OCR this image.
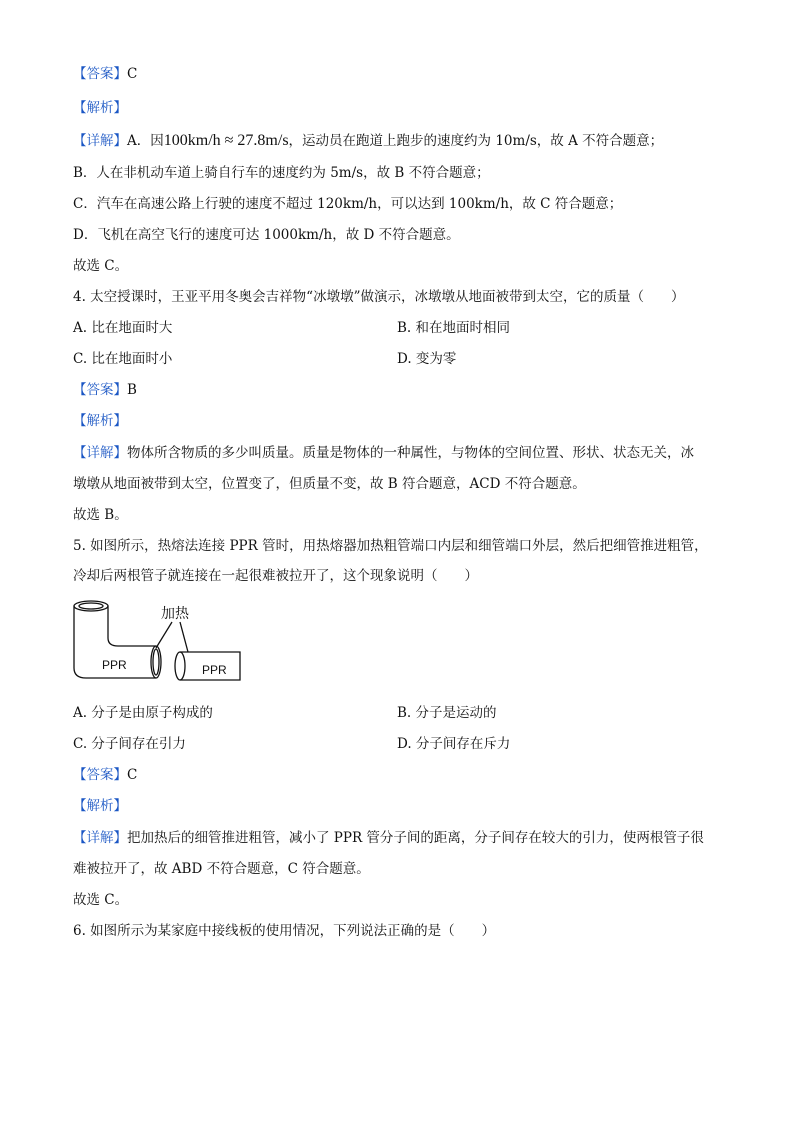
【答案】C
【解析】
【详解】A．因100km/h ≈ 27.8m/s，运动员在跑道上跑步的速度约为 10m/s，故 A 不符合题意；
B．人在非机动车道上骑自行车的速度约为 5m/s，故 B 不符合题意；
C．汽车在高速公路上行驶的速度不超过 120km/h，可以达到 100km/h，故 C 符合题意；
D．飞机在高空飞行的速度可达 1000km/h，故 D 不符合题意。
故选 C。
4. 太空授课时，王亚平用冬奥会吉祥物“冰墩墩”做演示，冰墩墩从地面被带到太空，它的质量（　　）
A. 比在地面时大	B. 和在地面时相同
C. 比在地面时小	D. 变为零
【答案】B
【解析】
【详解】物体所含物质的多少叫质量。质量是物体的一种属性，与物体的空间位置、形状、状态无关，冰
墩墩从地面被带到太空，位置变了，但质量不变，故 B 符合题意，ACD 不符合题意。
故选 B。
5. 如图所示，热熔法连接 PPR 管时，用热熔器加热粗管端口内层和细管端口外层，然后把细管推进粗管，
冷却后两根管子就连接在一起很难被拉开了，这个现象说明（　　）
加热
PPR	PPR
A. 分子是由原子构成的	B. 分子是运动的
C. 分子间存在引力	D. 分子间存在斥力
【答案】C
【解析】
【详解】把加热后的细管推进粗管，减小了 PPR 管分子间的距离，分子间存在较大的引力，使两根管子很
难被拉开了，故 ABD 不符合题意，C 符合题意。
故选 C。
6. 如图所示为某家庭中接线板的使用情况，下列说法正确的是（　　）
